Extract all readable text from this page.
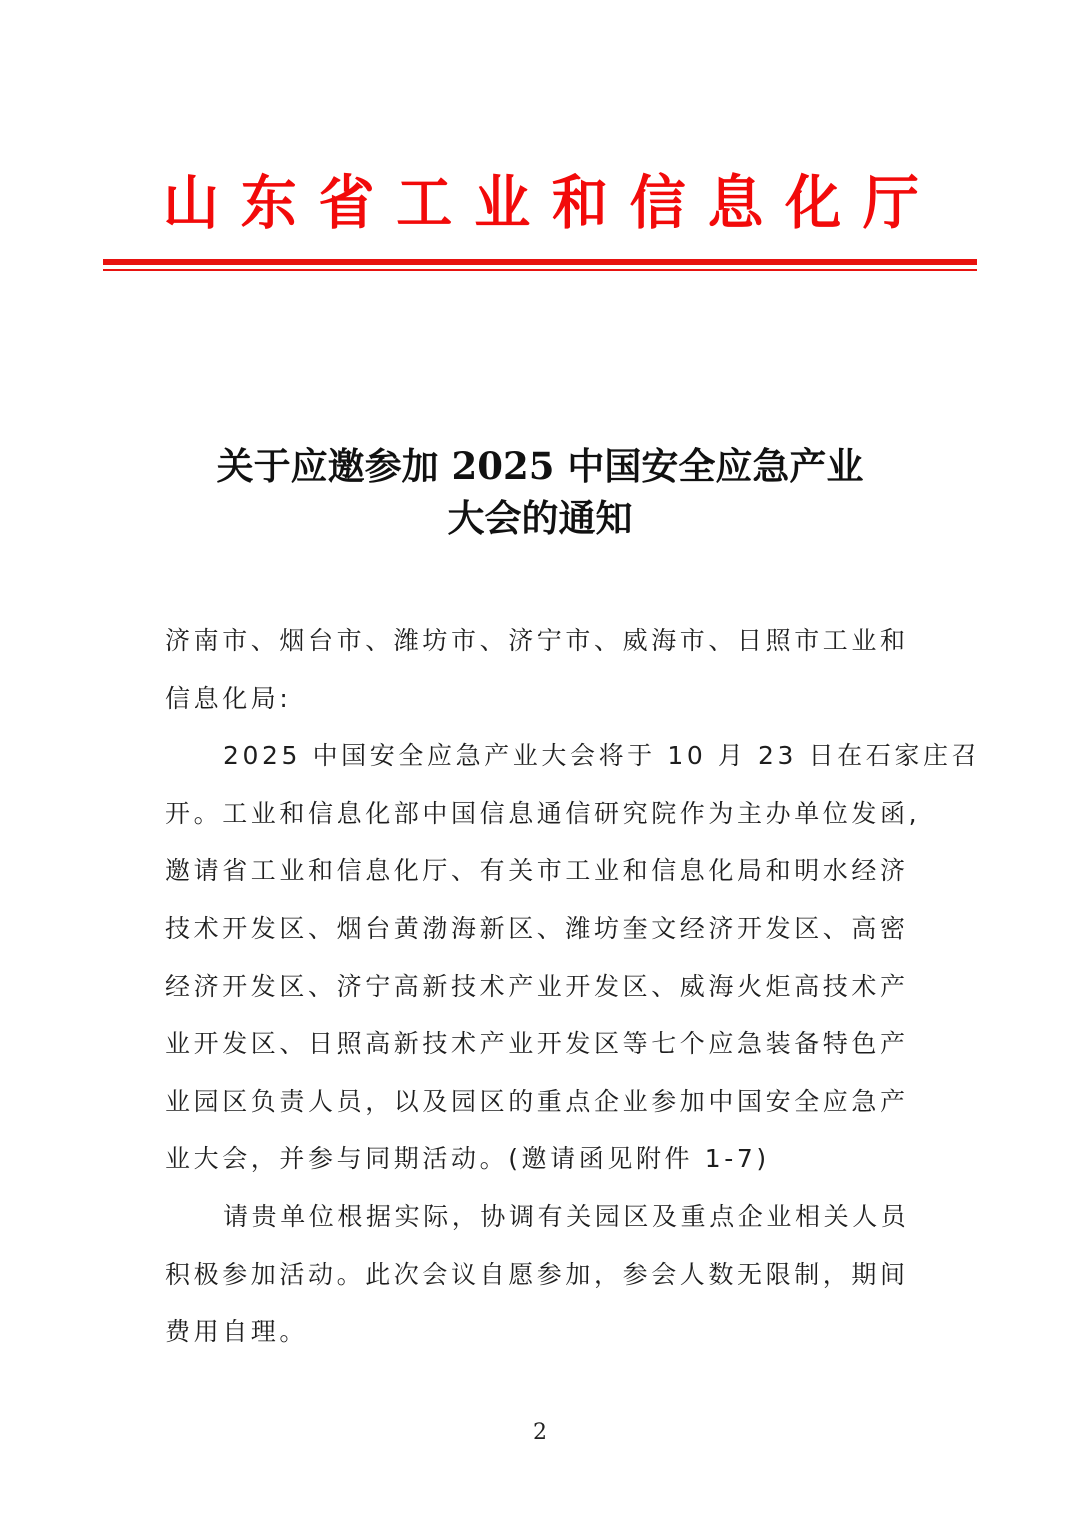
山 东 省 工 业 和 信 息 化 厅
关于应邀参加 2025 中国安全应急产业
大会的通知
济南市、烟台市、潍坊市、济宁市、威海市、日照市工业和
信息化局:
2025 中国安全应急产业大会将于 10 月 23 日在石家庄召
开。工业和信息化部中国信息通信研究院作为主办单位发函,
邀请省工业和信息化厅、有关市工业和信息化局和明水经济
技术开发区、烟台黄渤海新区、潍坊奎文经济开发区、高密
经济开发区、济宁高新技术产业开发区、威海火炬高技术产
业开发区、日照高新技术产业开发区等七个应急装备特色产
业园区负责人员，以及园区的重点企业参加中国安全应急产
业大会，并参与同期活动。(邀请函见附件 1-7)
请贵单位根据实际，协调有关园区及重点企业相关人员
积极参加活动。此次会议自愿参加，参会人数无限制，期间
费用自理。
2
